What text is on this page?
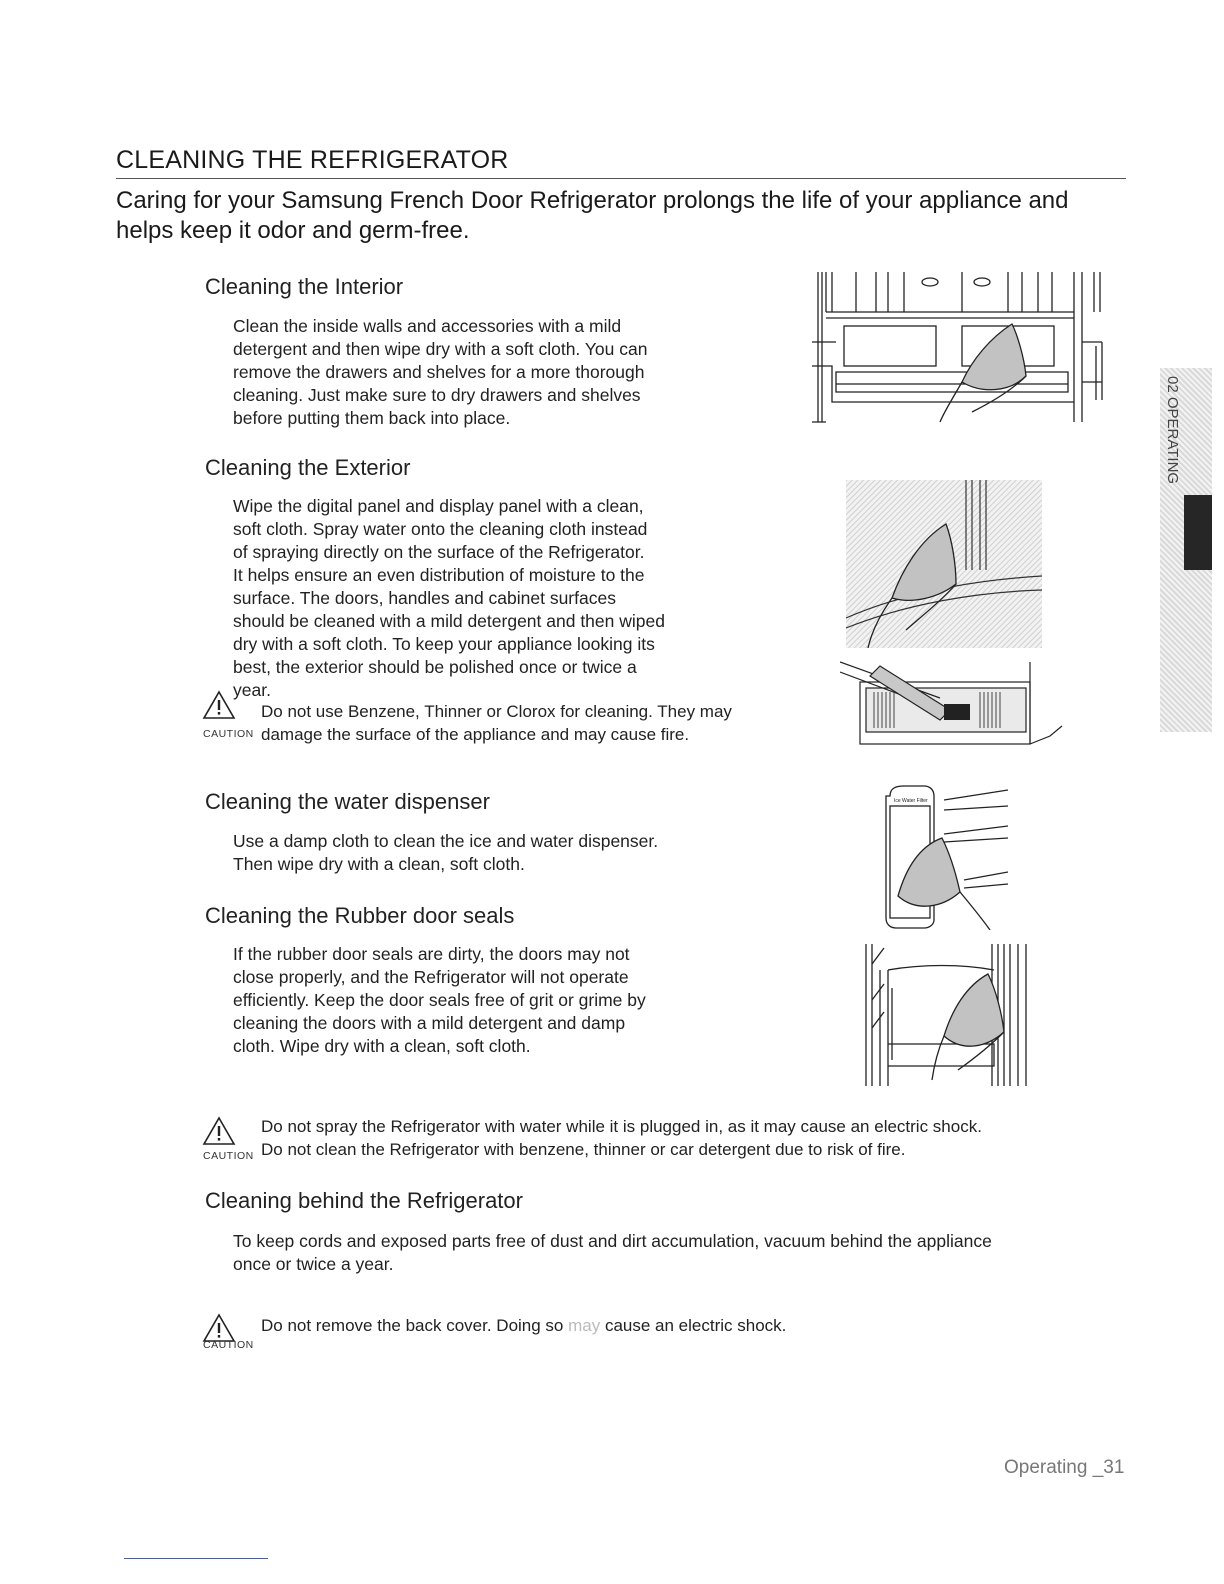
CLEANING THE REFRIGERATOR
Caring for your Samsung French Door Refrigerator prolongs the life of your appliance and helps keep it odor and germ-free.
Cleaning the Interior
Clean the inside walls and accessories with a mild
detergent and then wipe dry with a soft cloth. You can
remove the drawers and shelves for a more thorough
cleaning. Just make sure to dry drawers and shelves
before putting them back into place.
Cleaning the Exterior
Wipe the digital panel and display panel with a clean,
soft cloth. Spray water onto the cleaning cloth instead
of spraying directly on the surface of the Refrigerator.
It helps ensure an even distribution of moisture to the
surface. The doors, handles and cabinet surfaces
should be cleaned with a mild detergent and then wiped
dry with a soft cloth. To keep your appliance looking its
best, the exterior should be polished once or twice a
year.
CAUTION
Do not use Benzene, Thinner or Clorox for cleaning. They may
damage the surface of the appliance and may cause fire.
Cleaning the water dispenser
Use a damp cloth to clean the ice and water dispenser.
Then wipe dry with a clean, soft cloth.
Cleaning the Rubber door seals
If the rubber door seals are dirty, the doors may not
close properly, and the Refrigerator will not operate
efficiently. Keep the door seals free of grit or grime by
cleaning the doors with a mild detergent and damp
cloth. Wipe dry with a clean, soft cloth.
CAUTION
Do not spray the Refrigerator with water while it is plugged in, as it may cause an electric shock.
Do not clean the Refrigerator with benzene, thinner or car detergent due to risk of fire.
Cleaning behind the Refrigerator
To keep cords and exposed parts free of dust and dirt accumulation, vacuum behind the appliance
once or twice a year.
CAUTION
Do not remove the back cover. Doing so may cause an electric shock.
Ice Water Filter
02 OPERATING
Operating _31
